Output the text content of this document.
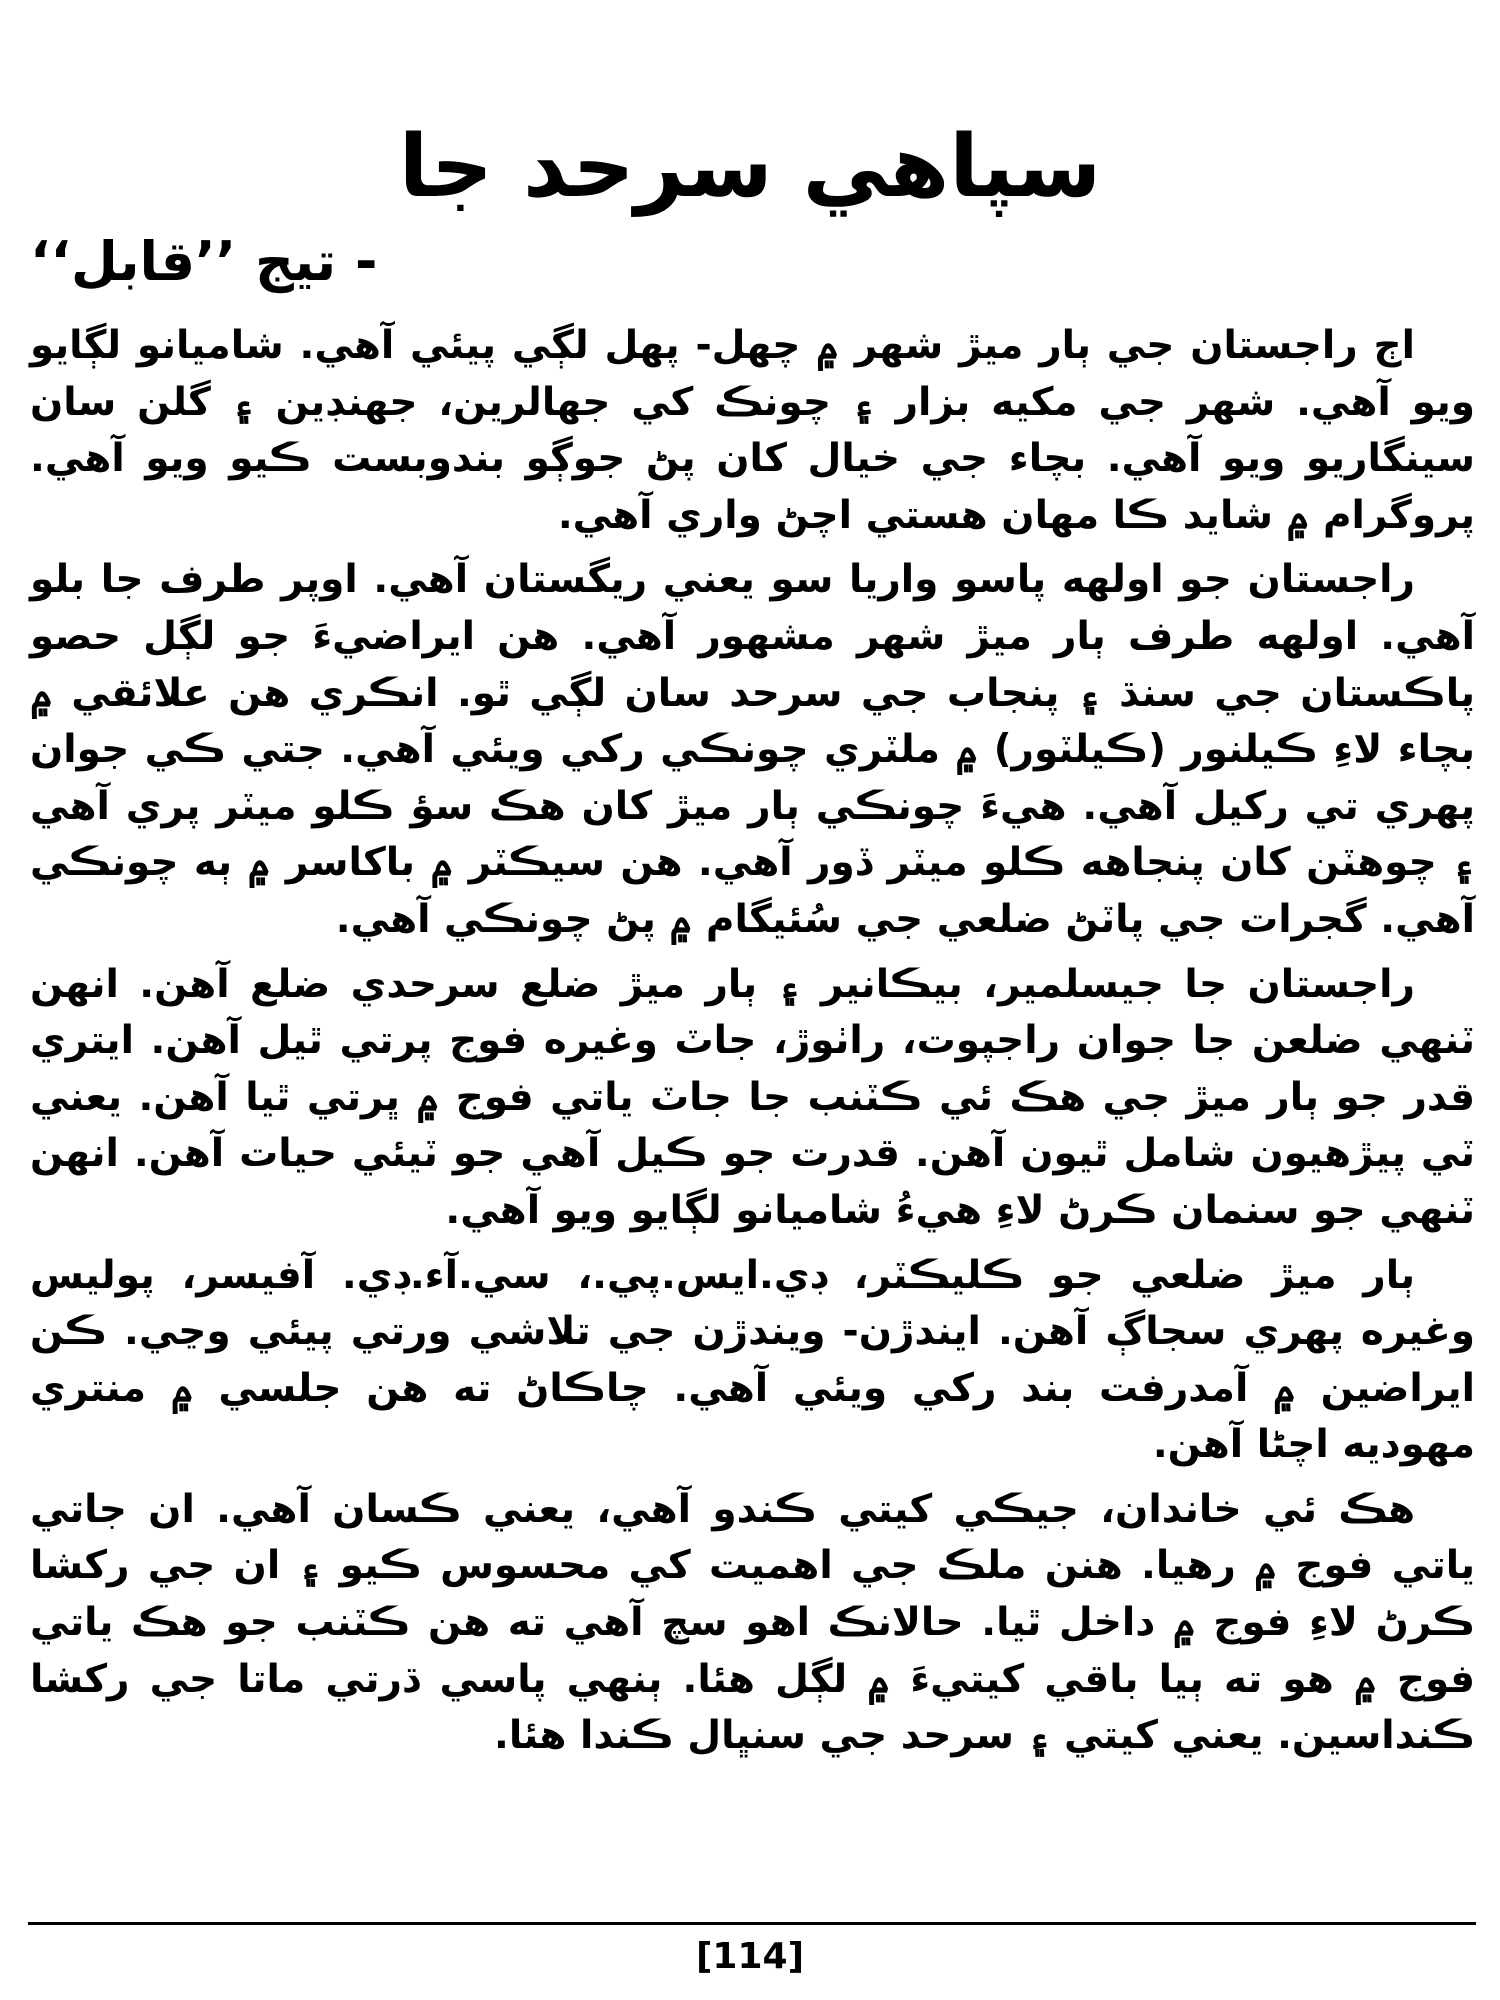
سپاهي سرحد جا
- تيج ’’قابل‘‘

اڄ راجستان جي ٻار ميڙ شهر ۾ چهل- پهل لڳي پيئي آهي. شاميانو لڳايو ويو آهي. شهر جي مکيه بزار ۽ چونڪ کي جهالرين، جهنڊين ۽ گلن سان سينگاريو ويو آهي. بچاء جي خيال کان پڻ جوڳو بندوبست ڪيو ويو آهي. پروگرام ۾ شايد ڪا مهان هستي اچڻ واري آهي.

راجستان جو اولهه پاسو واريا سو يعني ريگستان آهي. اوپر طرف جا بلو آهي. اولهه طرف ٻار ميڙ شهر مشهور آهي. هن ايراضيءَ جو لڳل حصو پاڪستان جي سنڌ ۽ پنجاب جي سرحد سان لڳي ٿو. انڪري هن علائقي ۾ بچاء لاءِ ڪيلنور (ڪيلٽور) ۾ ملٽري چونڪي رکي ويئي آهي. جتي ڪي جوان پهري تي رکيل آهي. هيءَ چونڪي ٻار ميڙ کان هڪ سؤ ڪلو ميٽر پري آهي ۽ چوهٽن کان پنجاهه ڪلو ميٽر ڏور آهي. هن سيڪٽر ۾ باکاسر ۾ ٻه چونڪي آهي. گجرات جي پاٽڻ ضلعي جي سُئيگام ۾ پڻ چونڪي آهي.

راجستان جا جيسلمير، بيڪانير ۽ ٻار ميڙ ضلع سرحدي ضلع آهن. انهن ٽنهي ضلعن جا جوان راجپوت، راٺوڙ، جاٽ وغيره فوج پرتي ٿيل آهن. ايتري قدر جو ٻار ميڙ جي هڪ ئي ڪٽنب جا جاٽ ياتي فوج ۾ ڀرتي ٿيا آهن. يعني ٽي پيڙهيون شامل ٿيون آهن. قدرت جو ڪيل آهي جو ٽيئي حيات آهن. انهن ٽنهي جو سنمان ڪرڻ لاءِ هيءُ شاميانو لڳايو ويو آهي.

ٻار ميڙ ضلعي جو ڪليڪٽر، ڊي.ايس.پي.، سي.آء.ڊي. آفيسر، پوليس وغيره پهري سجاڳ آهن. ايندڙن- ويندڙن جي تلاشي ورتي پيئي وڃي. ڪن ايراضين ۾ آمدرفت بند رکي ويئي آهي. چاڪاڻ ته هن جلسي ۾ منتري مهوديه اچڻا آهن.

هڪ ئي خاندان، جيڪي کيتي ڪندو آهي، يعني ڪسان آهي. ان جاتي ياتي فوج ۾ رهيا. هنن ملڪ جي اهميت کي محسوس ڪيو ۽ ان جي رکشا ڪرڻ لاءِ فوج ۾ داخل ٿيا. حالانڪ اهو سچ آهي ته هن ڪٽنب جو هڪ ياتي فوج ۾ هو ته ٻيا باقي کيتيءَ ۾ لڳل هئا. ٻنهي پاسي ڌرتي ماتا جي رکشا ڪنداسين. يعني کيتي ۽ سرحد جي سنڀال ڪندا هئا.

[114]
